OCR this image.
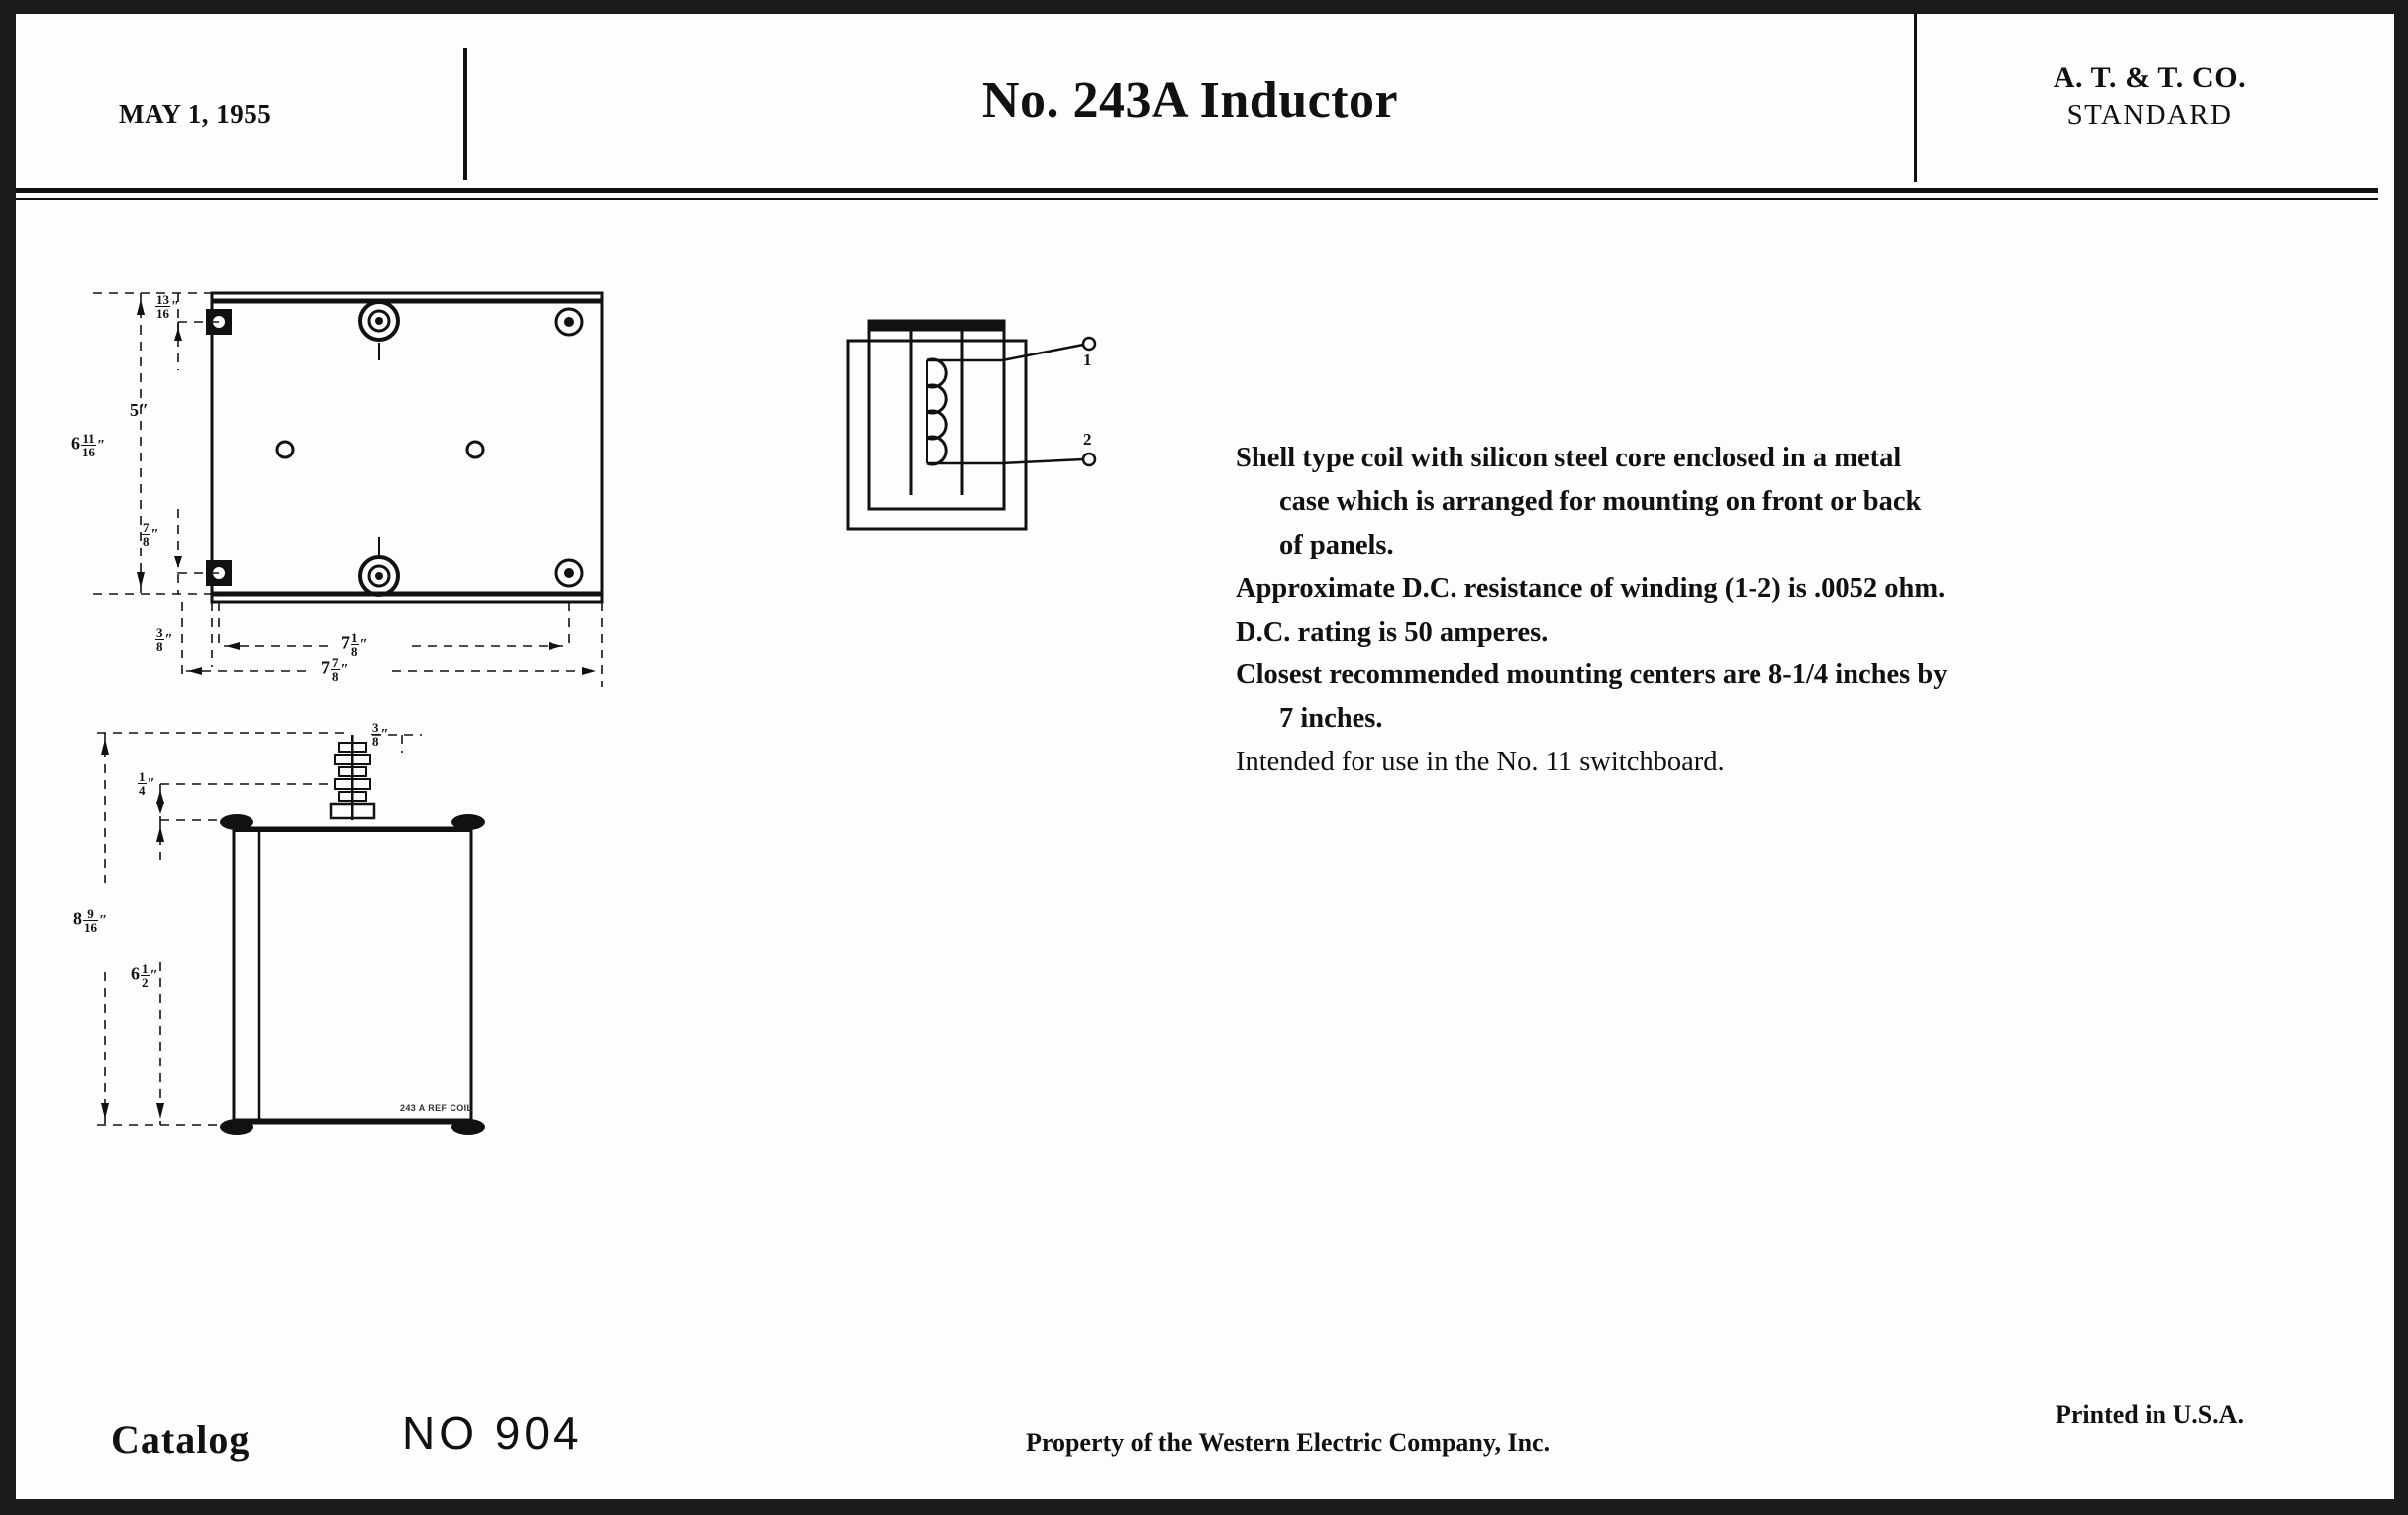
MAY 1, 1955	No. 243A Inductor	A. T. & T. CO.
STANDARD
$\frac{13}{16}$ ″
5″
$6 \frac{11}{16}$ ″
$\frac{7}{8}$ ″
$\frac{3}{8}$ ″	$7 \frac{1}{8}$ ″
$7 \frac{7}{8}$ ″
$\frac{3}{8}$ ″
$\frac{1}{4}$ ″
$8 \frac{9}{16}$ ″
$6 \frac{1}{2}$ ″
243 A REF COIL
1
2
Shell type coil with silicon steel core enclosed in a metal
case which is arranged for mounting on front or back
of panels.
Approximate D.C. resistance of winding (1-2) is .0052 ohm.
D.C. rating is 50 amperes.
Closest recommended mounting centers are 8-1/4 inches by
7 inches.
Intended for use in the No. 11 switchboard.
Catalog	NO 904	Property of the Western Electric Company, Inc.
Printed in U.S.A.
